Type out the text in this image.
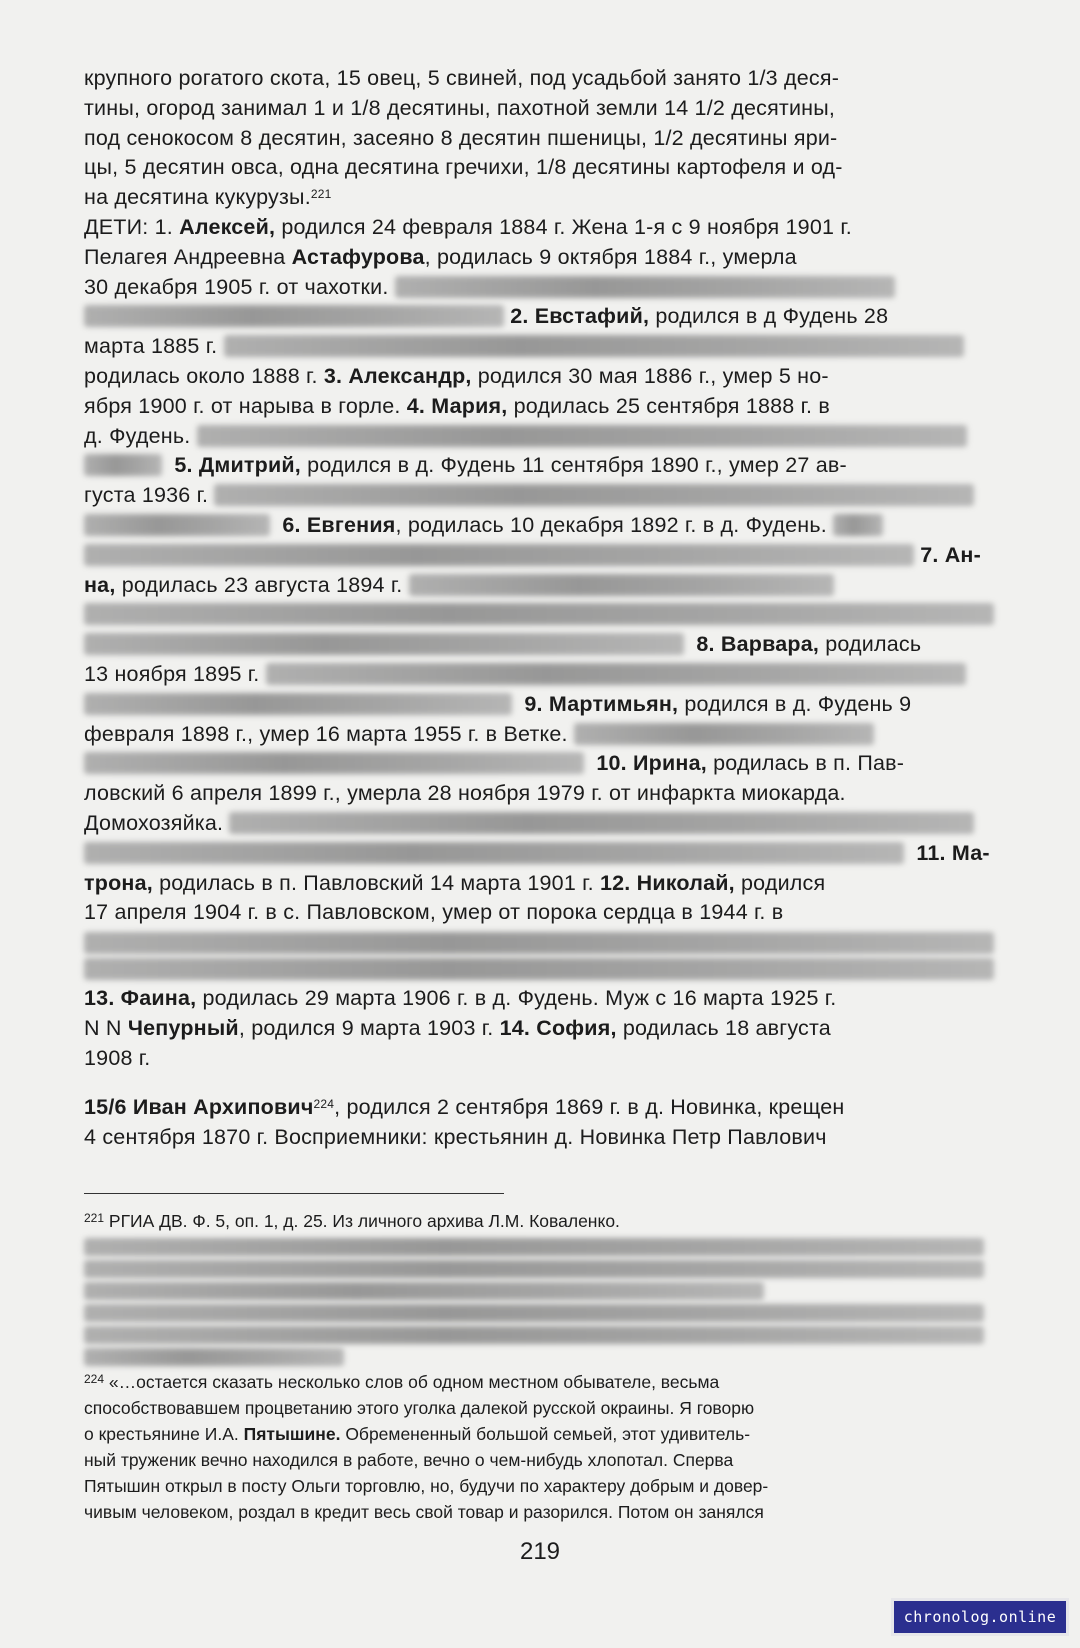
крупного рогатого скота, 15 овец, 5 свиней, под усадьбой занято 1/3 деся-
тины, огород занимал 1 и 1/8 десятины, пахотной земли 14 1/2 десятины,
под сенокосом 8 десятин, засеяно 8 десятин пшеницы, 1/2 десятины яри-
цы, 5 десятин овса, одна десятина гречихи, 1/8 десятины картофеля и од-
на десятина кукурузы.$^{221}$
ДЕТИ: 1. Алексей, родился 24 февраля 1884 г. Жена 1-я с 9 ноября 1901 г.
Пелагея Андреевна Астафурова, родилась 9 октября 1884 г., умерла
30 декабря 1905 г. от чахотки.
2. Евстафий, родился в д Фудень 28
марта 1885 г.
родилась около 1888 г. 3. Александр, родился 30 мая 1886 г., умер 5 но-
ября 1900 г. от нарыва в горле. 4. Мария, родилась 25 сентября 1888 г. в
д. Фудень.
5. Дмитрий, родился в д. Фудень 11 сентября 1890 г., умер 27 ав-
густа 1936 г.
6. Евгения, родилась 10 декабря 1892 г. в д. Фудень.
7. Ан-
на, родилась 23 августа 1894 г.
8. Варвара, родилась
13 ноября 1895 г.
9. Мартимьян, родился в д. Фудень 9
февраля 1898 г., умер 16 марта 1955 г. в Ветке.
10. Ирина, родилась в п. Пав-
ловский 6 апреля 1899 г., умерла 28 ноября 1979 г. от инфаркта миокарда.
Домохозяйка.
11. Ма-
трона, родилась в п. Павловский 14 марта 1901 г. 12. Николай, родился
17 апреля 1904 г. в с. Павловском, умер от порока сердца в 1944 г. в
13. Фаина, родилась 29 марта 1906 г. в д. Фудень. Муж с 16 марта 1925 г.
N N Чепурный, родился 9 марта 1903 г. 14. София, родилась 18 августа
1908 г.
15/6 Иван Архипович$^{224}$, родился 2 сентября 1869 г. в д. Новинка, крещен
4 сентября 1870 г. Восприемники: крестьянин д. Новинка Петр Павлович
$^{221}$ РГИА ДВ. Ф. 5, оп. 1, д. 25. Из личного архива Л.М. Коваленко.
$^{224}$ «…остается сказать несколько слов об одном местном обывателе, весьма
способствовавшем процветанию этого уголка далекой русской окраины. Я говорю
о крестьянине И.А. Пятышине. Обремененный большой семьей, этот удивитель-
ный труженик вечно находился в работе, вечно о чем-нибудь хлопотал. Сперва
Пятышин открыл в посту Ольги торговлю, но, будучи по характеру добрым и довер-
чивым человеком, роздал в кредит весь свой товар и разорился. Потом он занялся
219
chronolog.online
